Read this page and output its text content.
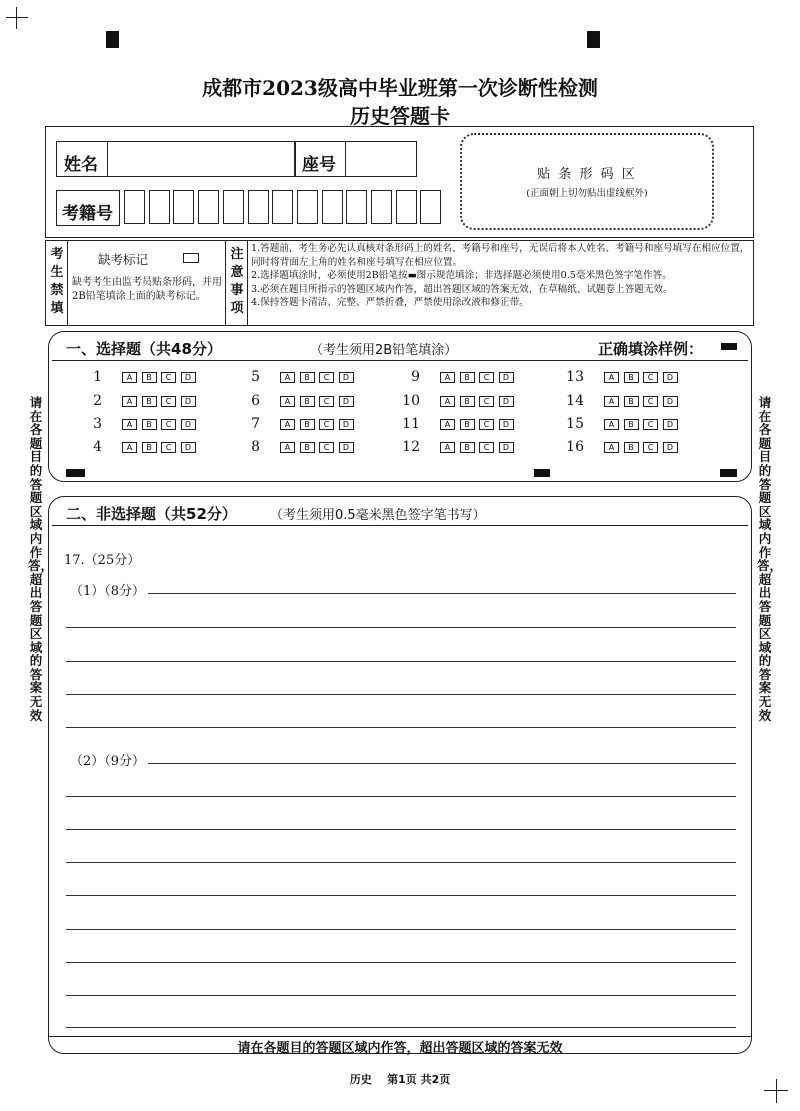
成都市2023级高中毕业班第一次诊断性检测
历史答题卡
姓名	座号
考籍号
贴 条 形 码 区
(正面朝上切勿贴出虚线框外)
考
生
禁
填
缺考标记
缺考考生由监考员贴条形码，并用2B铅笔填涂上面的缺考标记。
注
意
事
项
1.答题前，考生务必先认真核对条形码上的姓名、考籍号和座号，无误后将本人姓名、考籍号和座号填写在相应位置，同时将背面左上角的姓名和座号填写在相应位置。
2.选择题填涂时，必须使用2B铅笔按▬图示规范填涂；非选择题必须使用0.5毫米黑色签字笔作答。
3.必须在题目所指示的答题区域内作答，超出答题区域的答案无效，在草稿纸、试题卷上答题无效。
4.保持答题卡清洁、完整、严禁折叠，严禁使用涂改液和修正带。
一、选择题（共48分）	（考生须用2B铅笔填涂）	正确填涂样例：
1	A	B	C	D
2	A	B	C	D
3	A	B	C	D
4	A	B	C	D
5	A	B	C	D
6	A	B	C	D
7	A	B	C	D
8	A	B	C	D
9	A	B	C	D
10	A	B	C	D
11	A	B	C	D
12	A	B	C	D
13	A	B	C	D
14	A	B	C	D
15	A	B	C	D
16	A	B	C	D
二、非选择题（共52分）	（考生须用0.5毫米黑色签字笔书写）
17.（25分）
（1）（8分）
（2）（9分）
请在各题目的答题区域内作答，超出答题区域的答案无效
请在各题目的答题区域内作答，超出答题区域的答案无效
请在各题目的答题区域内作答，超出答题区域的答案无效
历史 第1页 共2页
